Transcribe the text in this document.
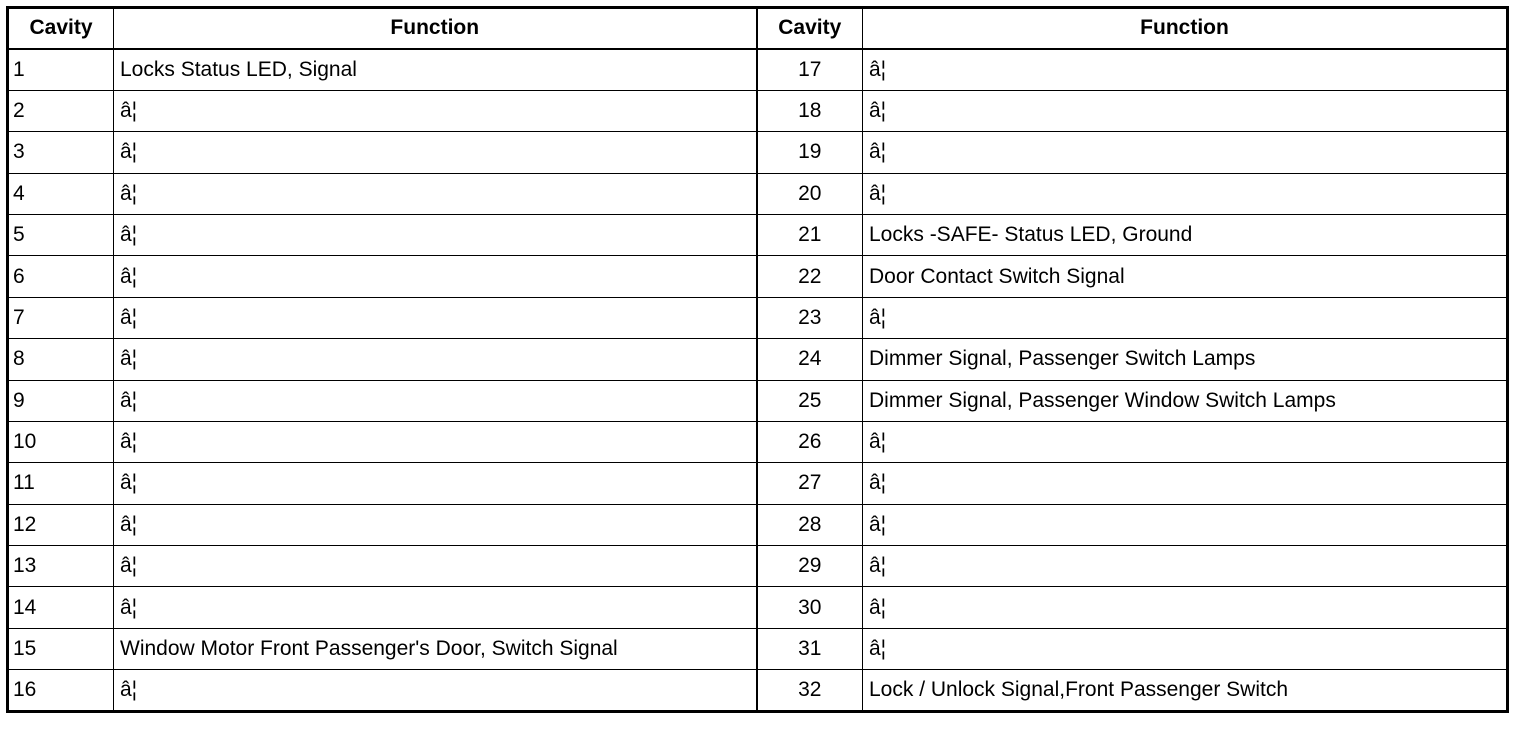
Cavity	Function	Cavity	Function
1	Locks Status LED, Signal	17	â¦
2	â¦	18	â¦
3	â¦	19	â¦
4	â¦	20	â¦
5	â¦	21	Locks -SAFE- Status LED, Ground
6	â¦	22	Door Contact Switch Signal
7	â¦	23	â¦
8	â¦	24	Dimmer Signal, Passenger Switch Lamps
9	â¦	25	Dimmer Signal, Passenger Window Switch Lamps
10	â¦	26	â¦
11	â¦	27	â¦
12	â¦	28	â¦
13	â¦	29	â¦
14	â¦	30	â¦
15	Window Motor Front Passenger's Door, Switch Signal	31	â¦
16	â¦	32	Lock / Unlock Signal,Front Passenger Switch
